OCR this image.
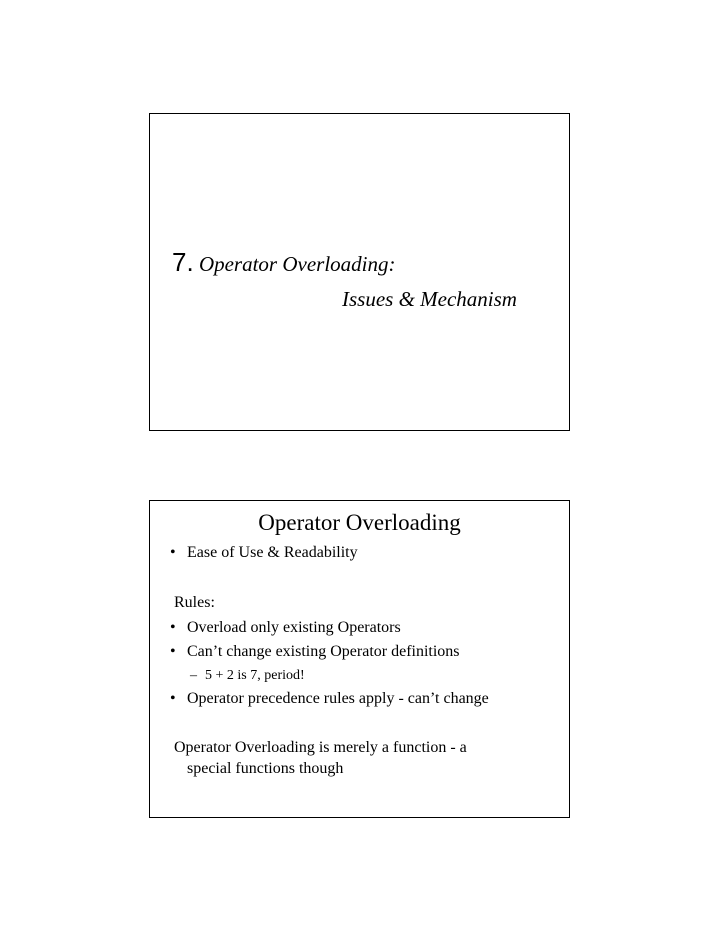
7. Operator Overloading:
Issues & Mechanism
Operator Overloading
• Ease of Use & Readability
Rules:
• Overload only existing Operators
• Can’t change existing Operator definitions
– 5 + 2 is 7, period!
• Operator precedence rules apply - can’t change
Operator Overloading is merely a function - a
special functions though
